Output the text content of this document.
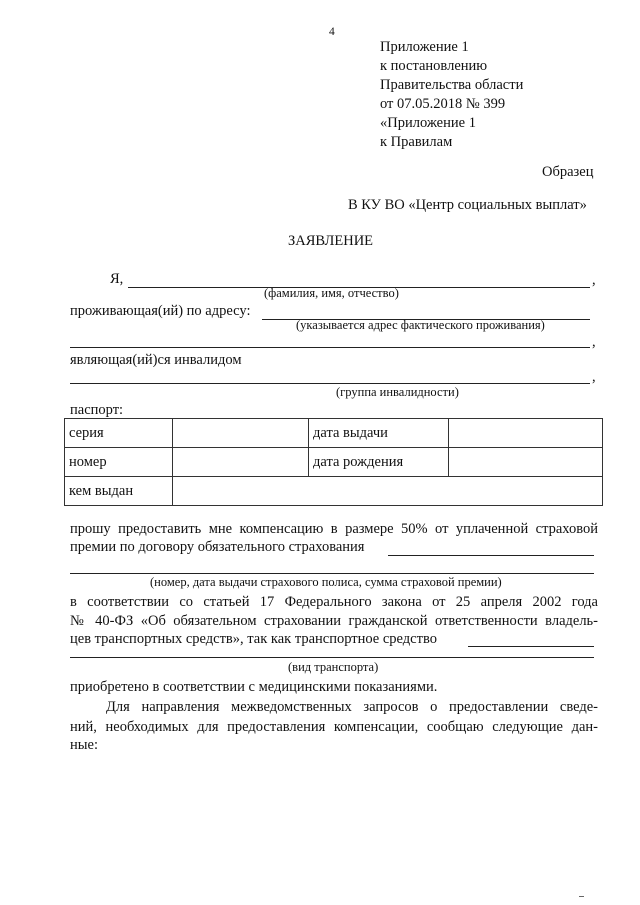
4
Приложение 1
к постановлению
Правительства области
от 07.05.2018 № 399
«Приложение 1
к Правилам
Образец
В КУ ВО «Центр социальных выплат»
ЗАЯВЛЕНИЕ
Я,	,
(фамилия, имя, отчество)
проживающая(ий) по адресу:
(указывается адрес фактического проживания)
,
являющая(ий)ся инвалидом
,
(группа инвалидности)
паспорт:
серия		дата выдачи	
номер		дата рождения	
кем выдан			
прошу предоставить мне компенсацию в размере 50% от уплаченной страховой
премии по договору обязательного страхования
(номер, дата выдачи страхового полиса, суммa страховой премии)
в соответствии со статьей 17 Федерального закона от 25 апреля 2002 года
№ 40-ФЗ «Об обязательном страховании гражданской ответственности владель-
цев транспортных средств», так как транспортное средство
(вид транспорта)
приобретено в соответствии с медицинскими показаниями.
Для направления межведомственных запросов о предоставлении сведе-
ний, необходимых для предоставления компенсации, сообщаю следующие дан-
ные:
